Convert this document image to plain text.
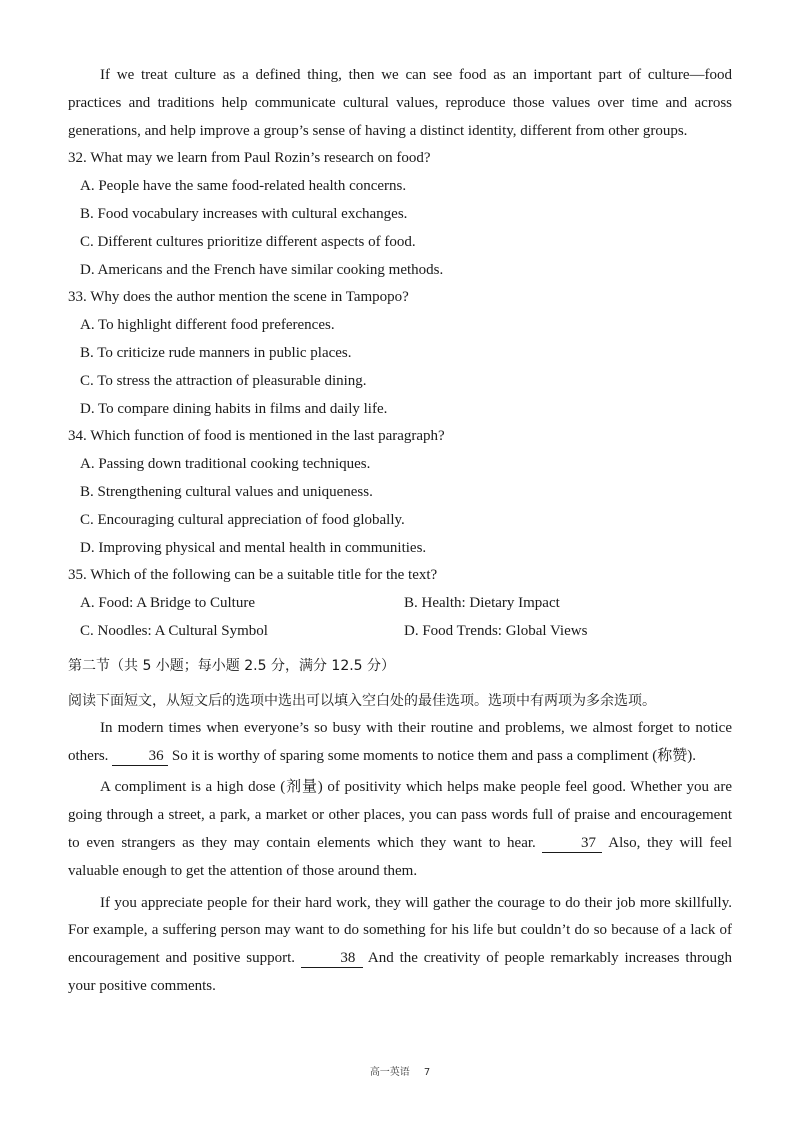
If we treat culture as a defined thing, then we can see food as an important part of culture—food practices and traditions help communicate cultural values, reproduce those values over time and across generations, and help improve a group’s sense of having a distinct identity, different from other groups.

32. What may we learn from Paul Rozin’s research on food?

A. People have the same food-related health concerns.

B. Food vocabulary increases with cultural exchanges.

C. Different cultures prioritize different aspects of food.

D. Americans and the French have similar cooking methods.

33. Why does the author mention the scene in Tampopo?

A. To highlight different food preferences.

B. To criticize rude manners in public places.

C. To stress the attraction of pleasurable dining.

D. To compare dining habits in films and daily life.

34. Which function of food is mentioned in the last paragraph?

A. Passing down traditional cooking techniques.

B. Strengthening cultural values and uniqueness.

C. Encouraging cultural appreciation of food globally.

D. Improving physical and mental health in communities.

35. Which of the following can be a suitable title for the text?

A. Food: A Bridge to Culture	B. Health: Dietary Impact
C. Noodles: A Cultural Symbol	D. Food Trends: Global Views

第二节（共 5 小题；每小题 2.5 分，满分 12.5 分）

阅读下面短文，从短文后的选项中选出可以填入空白处的最佳选项。选项中有两项为多余选项。

In modern times when everyone’s so busy with their routine and problems, we almost forget to notice others. 36 So it is worthy of sparing some moments to notice them and pass a compliment (称赞).

A compliment is a high dose (剂量) of positivity which helps make people feel good. Whether you are going through a street, a park, a market or other places, you can pass words full of praise and encouragement to even strangers as they may contain elements which they want to hear.	37 Also, they will feel valuable enough to get the attention of those around them.

If you appreciate people for their hard work, they will gather the courage to do their job more skillfully. For example, a suffering person may want to do something for his life but couldn’t do so because of a lack of encouragement and positive support.	38 And the creativity of people remarkably increases through your positive comments.

高一英语 7
